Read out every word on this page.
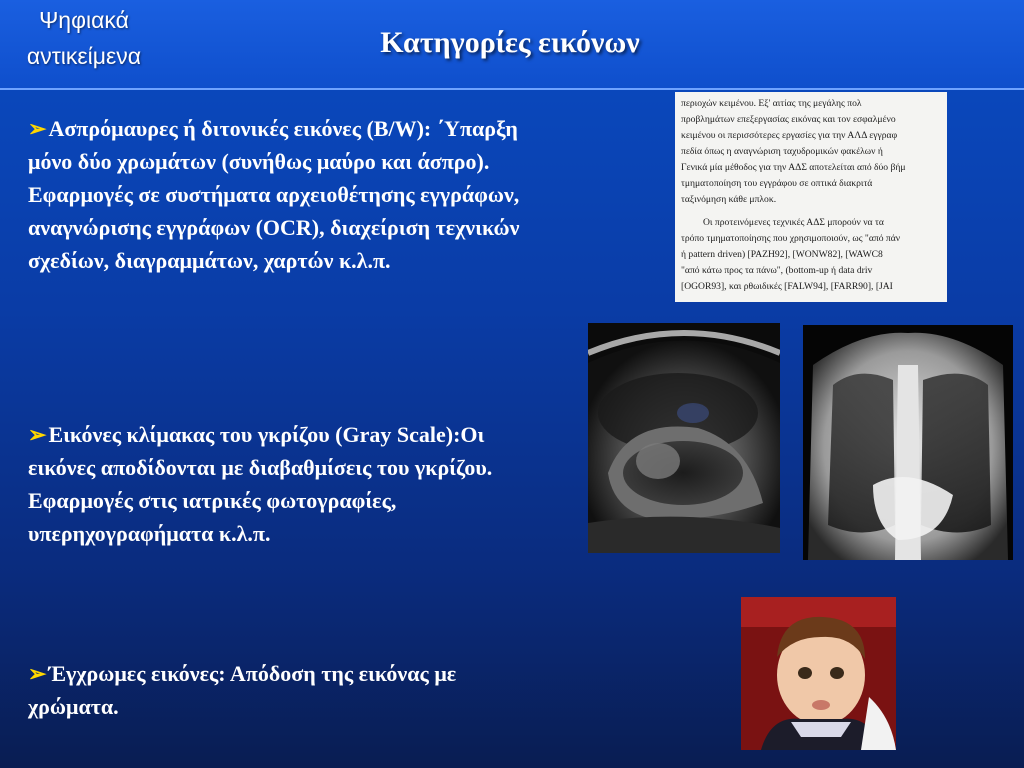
Ψηφιακά
αντικείμενα	Κατηγορίες εικόνων
➢Ασπρόμαυρες ή διτονικές εικόνες (B/W): ΄Υπαρξη μόνο δύο χρωμάτων (συνήθως μαύρο και άσπρο). Εφαρμογές σε συστήματα αρχειοθέτησης εγγράφων, αναγνώρισης εγγράφων (OCR), διαχείριση τεχνικών σχεδίων, διαγραμμάτων, χαρτών κ.λ.π.
➢Εικόνες κλίμακας του γκρίζου (Gray Scale):Οι εικόνες αποδίδονται με διαβαθμίσεις του γκρίζου. Εφαρμογές στις ιατρικές φωτογραφίες, υπερηχογραφήματα κ.λ.π.
➢Έγχρωμες εικόνες: Απόδοση της εικόνας με χρώματα.
περιοχών κειμένου. Εξ' αιτίας της μεγάλης πολ
προβλημάτων επεξεργασίας εικόνας και τον εσφαλμένο
κειμένου οι περισσότερες εργασίες για την ΑΛΔ εγγραφ
πεδία όπως η αναγνώριση ταχυδρομικών φακέλων ή
Γενικά μία μέθοδος για την ΑΔΣ αποτελείται από δύο βήμ
τμηματοποίηση του εγγράφου σε οπτικά διακριτά
ταξινόμηση κάθε μπλοκ.
Οι προτεινόμενες τεχνικές ΑΔΣ μπορούν να τα
τρόπο τμηματοποίησης που χρησιμοποιούν, ως "από πάν
ή pattern driven) [PAZH92], [WONW82], [WAWC8
"από κάτω προς τα πάνω", (bottom-up ή data driv
[OGOR93], και ρθωιδικές [FALW94], [FARR90], [JAI
